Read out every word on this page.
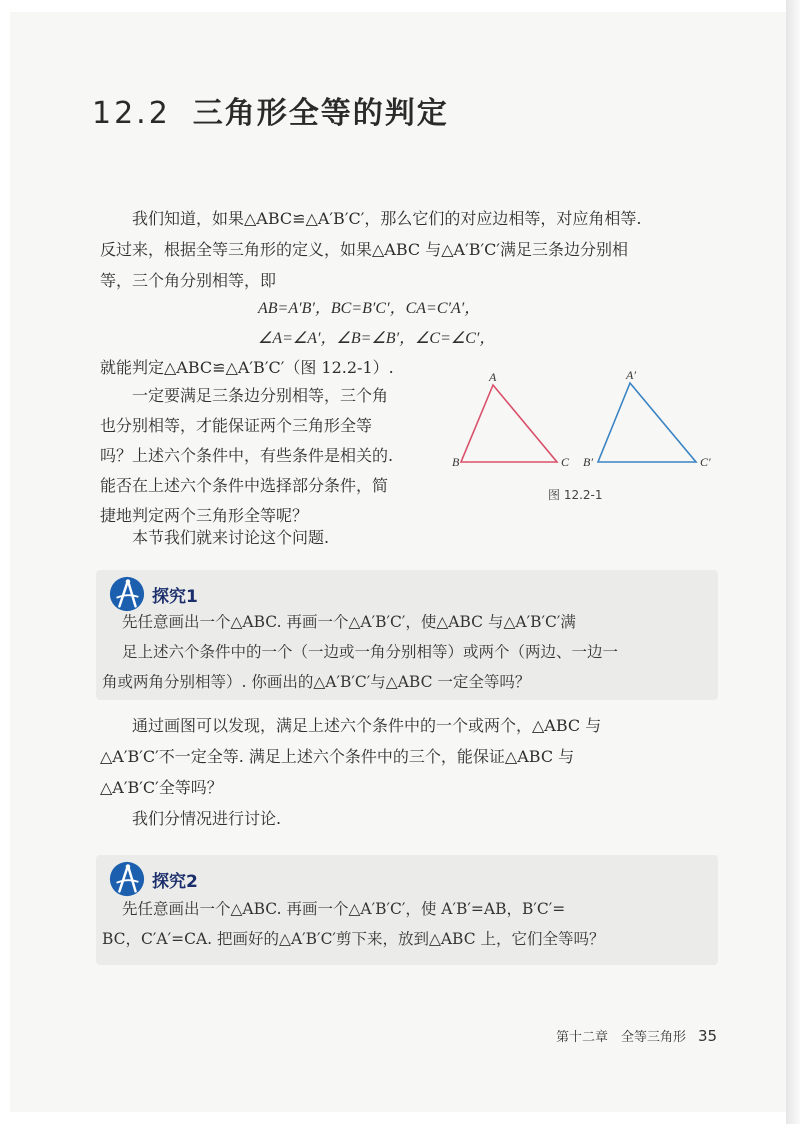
12.2 三角形全等的判定
我们知道，如果△ABC≌△A′B′C′，那么它们的对应边相等，对应角相等.
反过来，根据全等三角形的定义，如果△ABC 与△A′B′C′满足三条边分别相
等，三个角分别相等，即
AB=A′B′，BC=B′C′，CA=C′A′，
∠A=∠A′，∠B=∠B′，∠C=∠C′，
就能判定△ABC≌△A′B′C′（图 12.2-1）.
一定要满足三条边分别相等，三个角
也分别相等，才能保证两个三角形全等
吗？上述六个条件中，有些条件是相关的.
能否在上述六个条件中选择部分条件，简
捷地判定两个三角形全等呢？
本节我们就来讨论这个问题.
A
B	C
A′
B′	C′
图 12.2-1
探究1
先任意画出一个△ABC. 再画一个△A′B′C′，使△ABC 与△A′B′C′满
足上述六个条件中的一个（一边或一角分别相等）或两个（两边、一边一
角或两角分别相等）. 你画出的△A′B′C′与△ABC 一定全等吗？
通过画图可以发现，满足上述六个条件中的一个或两个，△ABC 与
△A′B′C′不一定全等. 满足上述六个条件中的三个，能保证△ABC 与
△A′B′C′全等吗？
我们分情况进行讨论.
探究2
先任意画出一个△ABC. 再画一个△A′B′C′，使 A′B′=AB，B′C′=
BC，C′A′=CA. 把画好的△A′B′C′剪下来，放到△ABC 上，它们全等吗？
第十二章　全等三角形 35
